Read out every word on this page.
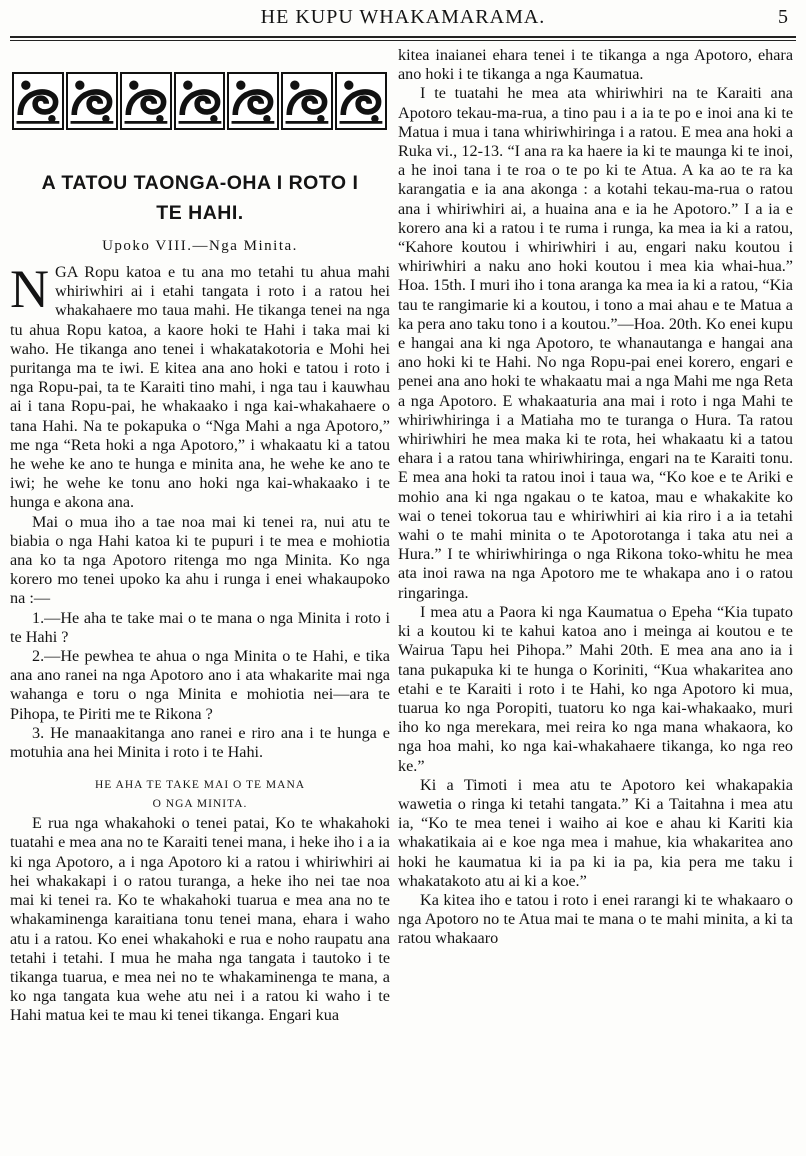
HE KUPU WHAKAMARAMA.	5
A TATOU TAONGA-OHA I ROTO I
TE HAHI.
Upoko VIII.—Nga Minita.

NGA Ropu katoa e tu ana mo tetahi tu ahua mahi whiriwhiri ai i etahi tangata i roto i a ratou hei whakahaere mo taua mahi. He tikanga tenei na nga tu ahua Ropu katoa, a kaore hoki te Hahi i taka mai ki waho. He tikanga ano tenei i whakatakotoria e Mohi hei puritanga ma te iwi. E kitea ana ano hoki e tatou i roto i nga Ropu-pai, ta te Karaiti tino mahi, i nga tau i kauwhau ai i tana Ropu-pai, he whakaako i nga kai-whakahaere o tana Hahi. Na te pokapuka o “Nga Mahi a nga Apotoro,” me nga “Reta hoki a nga Apotoro,” i whakaatu ki a tatou he wehe ke ano te hunga e minita ana, he wehe ke ano te iwi; he wehe ke tonu ano hoki nga kai-whakaako i te hunga e akona ana.

Mai o mua iho a tae noa mai ki tenei ra, nui atu te biabia o nga Hahi katoa ki te pupuri i te mea e mohiotia ana ko ta nga Apotoro ritenga mo nga Minita. Ko nga korero mo tenei upoko ka ahu i runga i enei whakaupoko na :—

1.—He aha te take mai o te mana o nga Minita i roto i te Hahi ?

2.—He pewhea te ahua o nga Minita o te Hahi, e tika ana ano ranei na nga Apotoro ano i ata whakarite mai nga wahanga e toru o nga Minita e mohiotia nei—ara te Pihopa, te Piriti me te Rikona ?

3. He manaakitanga ano ranei e riro ana i te hunga e motuhia ana hei Minita i roto i te Hahi.

HE AHA TE TAKE MAI O TE MANA
O NGA MINITA.

E rua nga whakahoki o tenei patai, Ko te whakahoki tuatahi e mea ana no te Karaiti tenei mana, i heke iho i a ia ki nga Apotoro, a i nga Apotoro ki a ratou i whiriwhiri ai hei whakakapi i o ratou turanga, a heke iho nei tae noa mai ki tenei ra. Ko te whakahoki tuarua e mea ana no te whakaminenga karaitiana tonu tenei mana, ehara i waho atu i a ratou. Ko enei whakahoki e rua e noho raupatu ana tetahi i tetahi. I mua he maha nga tangata i tautoko i te tikanga tuarua, e mea nei no te whakaminenga te mana, a ko nga tangata kua wehe atu nei i a ratou ki waho i te Hahi matua kei te mau ki tenei tikanga. Engari kua

kitea inaianei ehara tenei i te tikanga a nga Apotoro, ehara ano hoki i te tikanga a nga Kaumatua.

I te tuatahi he mea ata whiriwhiri na te Karaiti ana Apotoro tekau-ma-rua, a tino pau i a ia te po e inoi ana ki te Matua i mua i tana whiriwhiringa i a ratou. E mea ana hoki a Ruka vi., 12-13. “I ana ra ka haere ia ki te maunga ki te inoi, a he inoi tana i te roa o te po ki te Atua. A ka ao te ra ka karangatia e ia ana akonga : a kotahi tekau-ma-rua o ratou ana i whiriwhiri ai, a huaina ana e ia he Apotoro.” I a ia e korero ana ki a ratou i te ruma i runga, ka mea ia ki a ratou, “Kahore koutou i whiriwhiri i au, engari naku koutou i whiriwhiri a naku ano hoki koutou i mea kia whai-hua.” Hoa. 15th. I muri iho i tona aranga ka mea ia ki a ratou, “Kia tau te rangimarie ki a koutou, i tono a mai ahau e te Matua a ka pera ano taku tono i a koutou.”—Hoa. 20th. Ko enei kupu e hangai ana ki nga Apotoro, te whanautanga e hangai ana ano hoki ki te Hahi. No nga Ropu-pai enei korero, engari e penei ana ano hoki te whakaatu mai a nga Mahi me nga Reta a nga Apotoro. E whakaaturia ana mai i roto i nga Mahi te whiriwhiringa i a Matiaha mo te turanga o Hura. Ta ratou whiriwhiri he mea maka ki te rota, hei whakaatu ki a tatou ehara i a ratou tana whiriwhiringa, engari na te Karaiti tonu. E mea ana hoki ta ratou inoi i taua wa, “Ko koe e te Ariki e mohio ana ki nga ngakau o te katoa, mau e whakakite ko wai o tenei tokorua tau e whiriwhiri ai kia riro i a ia tetahi wahi o te mahi minita o te Apotorotanga i taka atu nei a Hura.” I te whiriwhiringa o nga Rikona toko-whitu he mea ata inoi rawa na nga Apotoro me te whakapa ano i o ratou ringaringa.

I mea atu a Paora ki nga Kaumatua o Epeha “Kia tupato ki a koutou ki te kahui katoa ano i meinga ai koutou e te Wairua Tapu hei Pihopa.” Mahi 20th. E mea ana ano ia i tana pukapuka ki te hunga o Koriniti, “Kua whakaritea ano etahi e te Karaiti i roto i te Hahi, ko nga Apotoro ki mua, tuarua ko nga Poropiti, tuatoru ko nga kai-whakaako, muri iho ko nga merekara, mei reira ko nga mana whakaora, ko nga hoa mahi, ko nga kai-whakahaere tikanga, ko nga reo ke.”

Ki a Timoti i mea atu te Apotoro kei whakapakia wawetia o ringa ki tetahi tangata.” Ki a Taitahna i mea atu ia, “Ko te mea tenei i waiho ai koe e ahau ki Kariti kia whakatikaia ai e koe nga mea i mahue, kia whakaritea ano hoki he kaumatua ki ia pa ki ia pa, kia pera me taku i whakatakoto atu ai ki a koe.”

Ka kitea iho e tatou i roto i enei rarangi ki te whakaaro o nga Apotoro no te Atua mai te mana o te mahi minita, a ki ta ratou whakaaro
